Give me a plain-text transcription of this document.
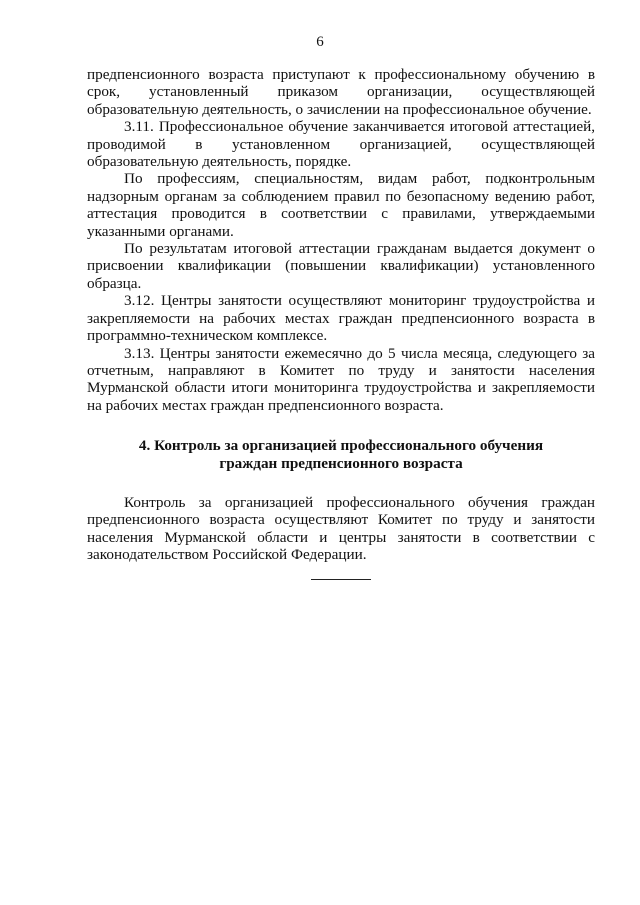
6

предпенсионного возраста приступают к профессиональному обучению в срок, установленный приказом организации, осуществляющей образовательную деятельность, о зачислении на профессиональное обучение.

3.11. Профессиональное обучение заканчивается итоговой аттестацией, проводимой в установленном организацией, осуществляющей образовательную деятельность, порядке.

По профессиям, специальностям, видам работ, подконтрольным надзорным органам за соблюдением правил по безопасному ведению работ, аттестация проводится в соответствии с правилами, утверждаемыми указанными органами.

По результатам итоговой аттестации гражданам выдается документ о присвоении квалификации (повышении квалификации) установленного образца.

3.12. Центры занятости осуществляют мониторинг трудоустройства и закрепляемости на рабочих местах граждан предпенсионного возраста в программно-техническом комплексе.

3.13. Центры занятости ежемесячно до 5 числа месяца, следующего за отчетным, направляют в Комитет по труду и занятости населения Мурманской области итоги мониторинга трудоустройства и закрепляемости на рабочих местах граждан предпенсионного возраста.

4. Контроль за организацией профессионального обучения
граждан предпенсионного возраста

Контроль за организацией профессионального обучения граждан предпенсионного возраста осуществляют Комитет по труду и занятости населения Мурманской области и центры занятости в соответствии с законодательством Российской Федерации.
